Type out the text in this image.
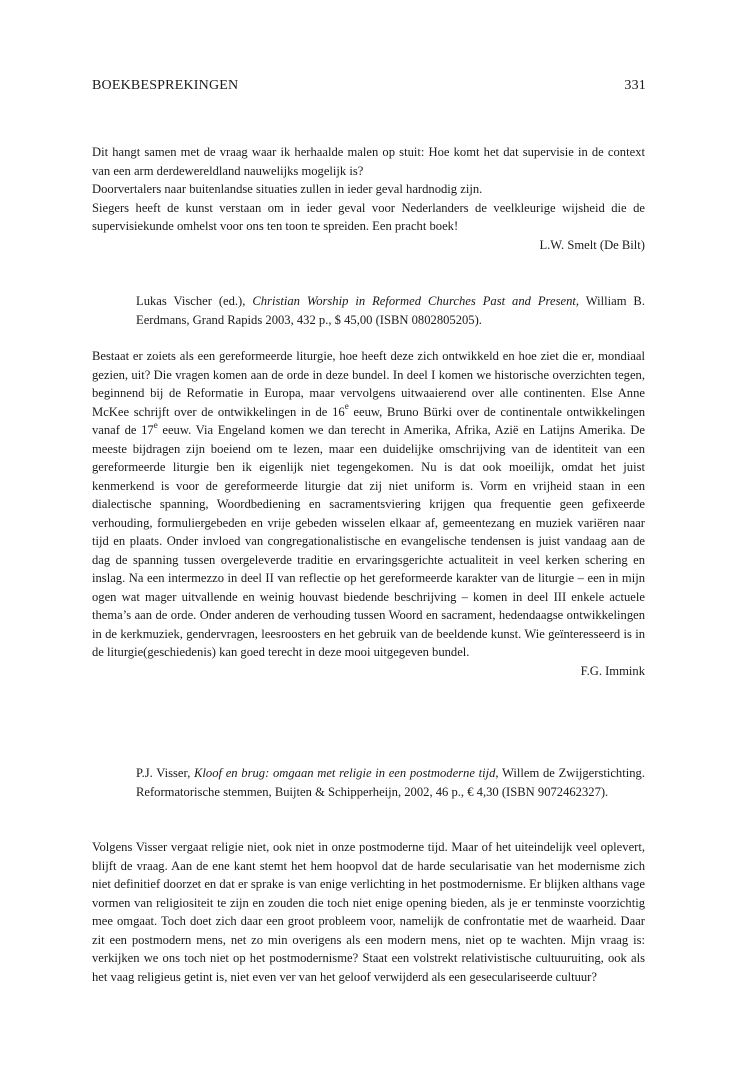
BOEKBESPREKINGEN	331

Dit hangt samen met de vraag waar ik herhaalde malen op stuit: Hoe komt het dat supervisie in de context van een arm derdewereldland nauwelijks mogelijk is?

Doorvertalers naar buitenlandse situaties zullen in ieder geval hardnodig zijn.

Siegers heeft de kunst verstaan om in ieder geval voor Nederlanders de veelkleurige wijsheid die de supervisiekunde omhelst voor ons ten toon te spreiden. Een pracht boek!

L.W. Smelt (De Bilt)

Lukas Vischer (ed.), Christian Worship in Reformed Churches Past and Present, William B. Eerdmans, Grand Rapids 2003, 432 p., $ 45,00 (ISBN 0802805205).

Bestaat er zoiets als een gereformeerde liturgie, hoe heeft deze zich ontwikkeld en hoe ziet die er, mondiaal gezien, uit? Die vragen komen aan de orde in deze bundel. In deel I komen we historische overzichten tegen, beginnend bij de Reformatie in Europa, maar vervolgens uitwaaierend over alle continenten. Else Anne McKee schrijft over de ontwikkelingen in de 16e eeuw, Bruno Bürki over de continentale ontwikkelingen vanaf de 17e eeuw. Via Engeland komen we dan terecht in Amerika, Afrika, Azië en Latijns Amerika. De meeste bijdragen zijn boeiend om te lezen, maar een duidelijke omschrijving van de identiteit van een gereformeerde liturgie ben ik eigenlijk niet tegengekomen. Nu is dat ook moeilijk, omdat het juist kenmerkend is voor de gereformeerde liturgie dat zij niet uniform is. Vorm en vrijheid staan in een dialectische spanning, Woordbediening en sacramentsviering krijgen qua frequentie geen gefixeerde verhouding, formuliergebeden en vrije gebeden wisselen elkaar af, gemeentezang en muziek variëren naar tijd en plaats. Onder invloed van congregationalistische en evangelische tendensen is juist vandaag aan de dag de spanning tussen overgeleverde traditie en ervaringsgerichte actualiteit in veel kerken schering en inslag. Na een intermezzo in deel II van reflectie op het gereformeerde karakter van de liturgie – een in mijn ogen wat mager uitvallende en weinig houvast biedende beschrijving – komen in deel III enkele actuele thema’s aan de orde. Onder anderen de verhouding tussen Woord en sacrament, hedendaagse ontwikkelingen in de kerkmuziek, gendervragen, leesroosters en het gebruik van de beeldende kunst. Wie geïnteresseerd is in de liturgie(geschiedenis) kan goed terecht in deze mooi uitgegeven bundel.

F.G. Immink

P.J. Visser, Kloof en brug: omgaan met religie in een postmoderne tijd, Willem de Zwijgerstichting. Reformatorische stemmen, Buijten & Schipperheijn, 2002, 46 p., € 4,30 (ISBN 9072462327).

Volgens Visser vergaat religie niet, ook niet in onze postmoderne tijd. Maar of het uiteindelijk veel oplevert, blijft de vraag. Aan de ene kant stemt het hem hoopvol dat de harde secularisatie van het modernisme zich niet definitief doorzet en dat er sprake is van enige verlichting in het postmodernisme. Er blijken althans vage vormen van religiositeit te zijn en zouden die toch niet enige opening bieden, als je er tenminste voorzichtig mee omgaat. Toch doet zich daar een groot probleem voor, namelijk de confrontatie met de waarheid. Daar zit een postmodern mens, net zo min overigens als een modern mens, niet op te wachten. Mijn vraag is: verkijken we ons toch niet op het postmodernisme? Staat een volstrekt relativistische cultuuruiting, ook als het vaag religieus getint is, niet even ver van het geloof verwijderd als een geseculariseerde cultuur?
